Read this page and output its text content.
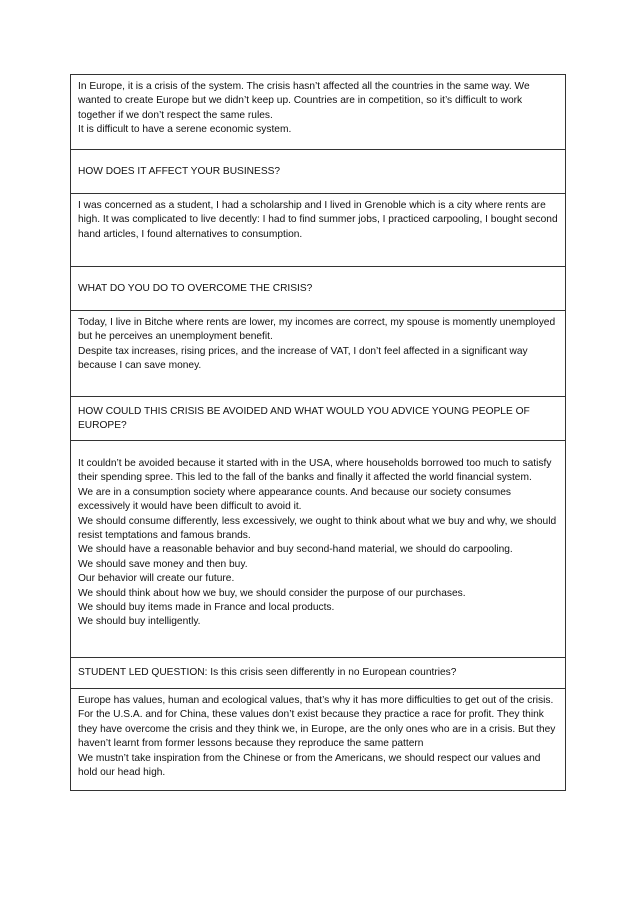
In Europe, it is a crisis of the system. The crisis hasn’t affected all the countries in the same way. We wanted to create Europe but we didn’t keep up. Countries are in competition, so it’s difficult to work together if we don’t respect the same rules.

It is difficult to have a serene economic system.

HOW DOES IT AFFECT YOUR BUSINESS?

I was concerned as a student, I had a scholarship and I lived in Grenoble which is a city where rents are high. It was complicated to live decently: I had to find summer jobs, I practiced carpooling, I bought second hand articles, I found alternatives to consumption.

WHAT DO YOU DO TO OVERCOME THE CRISIS?

Today, I live in Bitche where rents are lower, my incomes are correct, my spouse is momently unemployed but he perceives an unemployment benefit.

Despite tax increases, rising prices, and the increase of VAT, I don’t feel affected in a significant way because I can save money.

HOW COULD THIS CRISIS BE AVOIDED AND WHAT WOULD YOU ADVICE YOUNG PEOPLE OF EUROPE?

It couldn’t be avoided because it started with in the USA, where households borrowed too much to satisfy their spending spree. This led to the fall of the banks and finally it affected the world financial system.

We are in a consumption society where appearance counts. And because our society consumes excessively it would have been difficult to avoid it.

We should consume differently, less excessively, we ought to think about what we buy and why, we should resist temptations and famous brands.

We should have a reasonable behavior and buy second-hand material, we should do carpooling.

We should save money and then buy.

Our behavior will create our future.

We should think about how we buy, we should consider the purpose of our purchases.

We should buy items made in France and local products.

We should buy intelligently.

STUDENT LED QUESTION: Is this crisis seen differently in no European countries?

Europe has values, human and ecological values, that’s why it has more difficulties to get out of the crisis. For the U.S.A. and for China, these values don’t exist because they practice a race for profit. They think they have overcome the crisis and they think we, in Europe, are the only ones who are in a crisis. But they haven’t learnt from former lessons because they reproduce the same pattern

We mustn’t take inspiration from the Chinese or from the Americans, we should respect our values and hold our head high.
